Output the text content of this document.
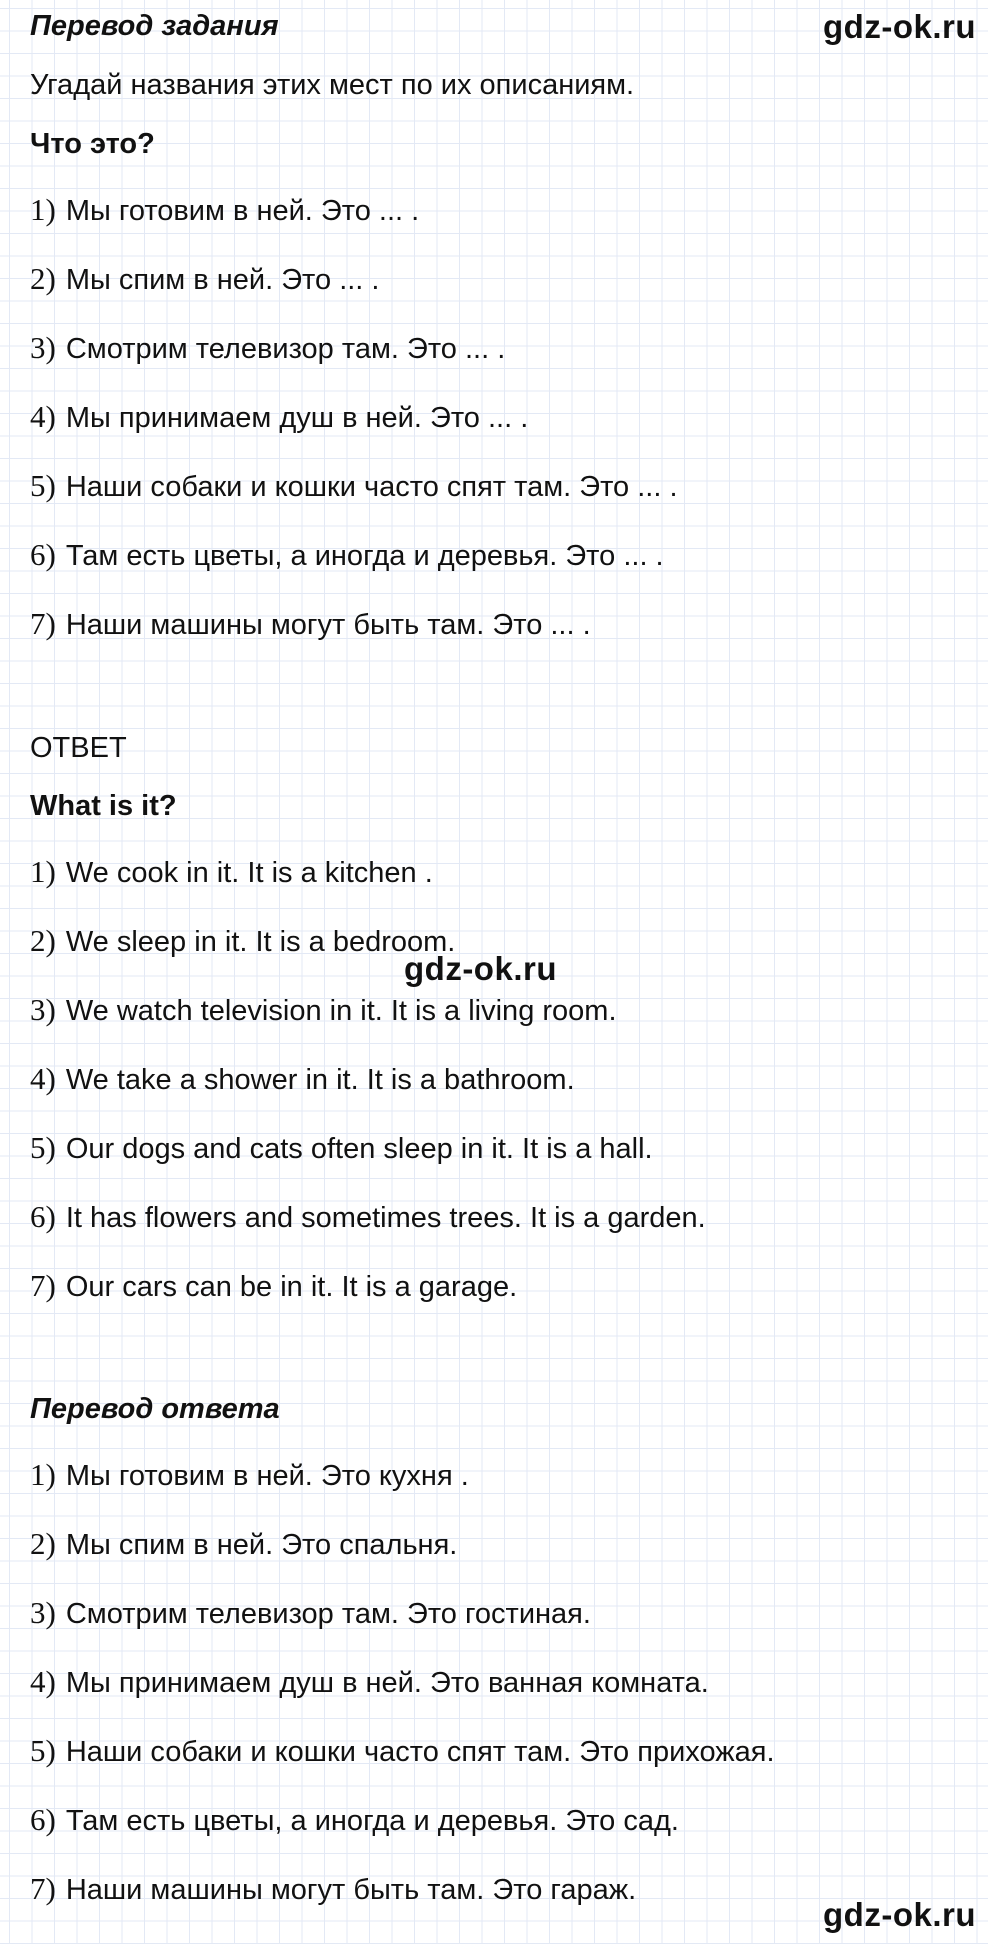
gdz-ok.ru
gdz-ok.ru
gdz-ok.ru
Перевод задания
Угадай названия этих мест по их описаниям.
Что это?
1) Мы готовим в ней. Это ... .
2) Мы спим в ней. Это ... .
3) Смотрим телевизор там. Это ... .
4) Мы принимаем душ в ней. Это ... .
5) Наши собаки и кошки часто спят там. Это ... .
6) Там есть цветы, а иногда и деревья. Это ... .
7) Наши машины могут быть там. Это ... .
ОТВЕТ
What is it?
1) We cook in it. It is a kitchen .
2) We sleep in it. It is a bedroom.
3) We watch television in it. It is a living room.
4) We take a shower in it. It is a bathroom.
5) Our dogs and cats often sleep in it. It is a hall.
6) It has flowers and sometimes trees. It is a garden.
7) Our cars can be in it. It is a garage.
Перевод ответа
1) Мы готовим в ней. Это кухня .
2) Мы спим в ней. Это спальня.
3) Смотрим телевизор там. Это гостиная.
4) Мы принимаем душ в ней. Это ванная комната.
5) Наши собаки и кошки часто спят там. Это прихожая.
6) Там есть цветы, а иногда и деревья. Это сад.
7) Наши машины могут быть там. Это гараж.
